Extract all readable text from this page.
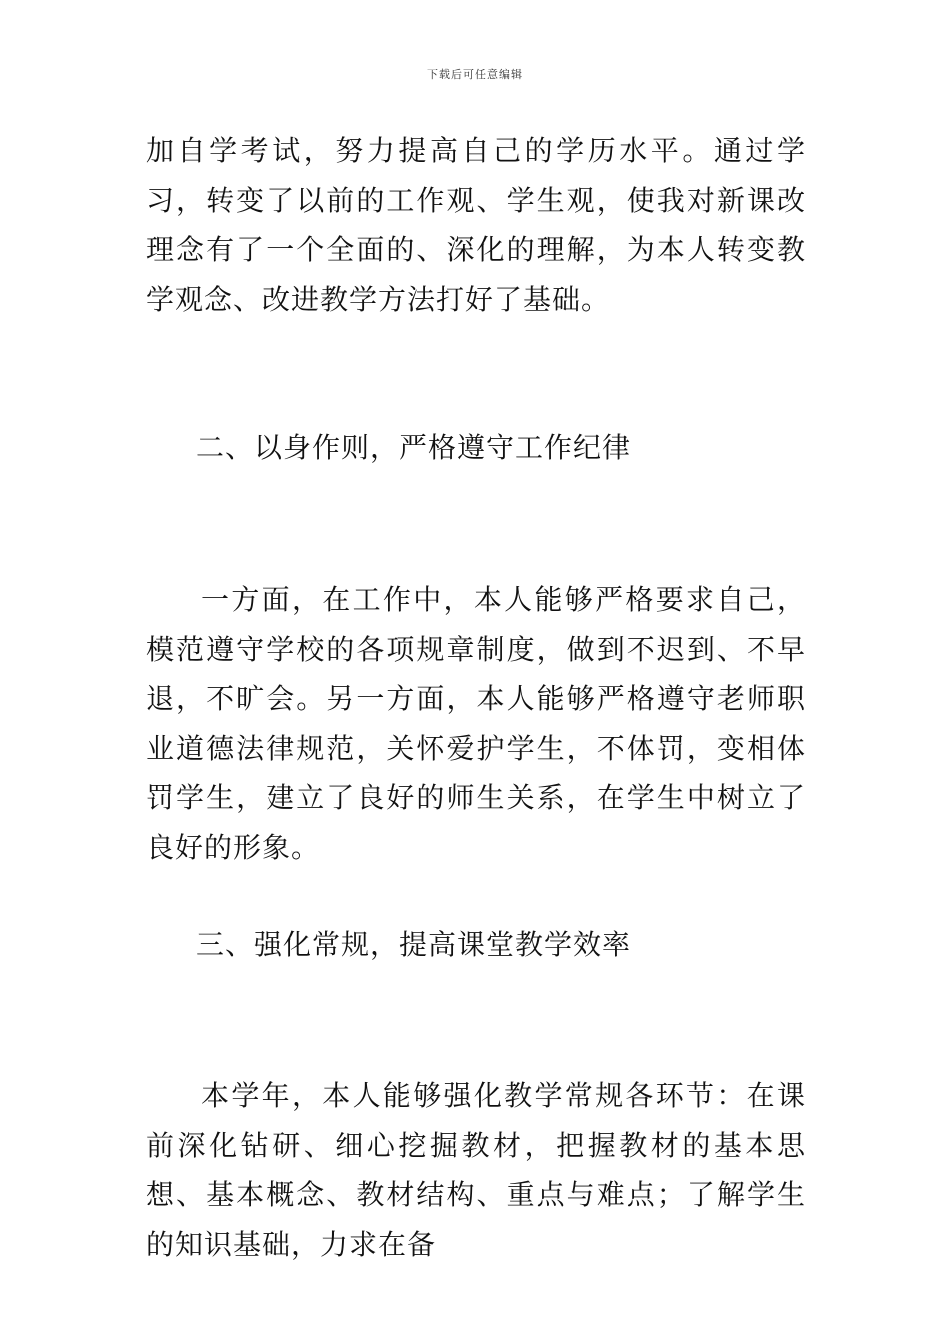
下载后可任意编辑

加自学考试，努力提高自己的学历水平。通过学习，转变了以前的工作观、学生观，使我对新课改理念有了一个全面的、深化的理解，为本人转变教学观念、改进教学方法打好了基础。

二、以身作则，严格遵守工作纪律

一方面，在工作中，本人能够严格要求自己，模范遵守学校的各项规章制度，做到不迟到、不早退，不旷会。另一方面，本人能够严格遵守老师职业道德法律规范，关怀爱护学生，不体罚，变相体罚学生，建立了良好的师生关系，在学生中树立了良好的形象。

三、强化常规，提高课堂教学效率

本学年，本人能够强化教学常规各环节：在课前深化钻研、细心挖掘教材，把握教材的基本思想、基本概念、教材结构、重点与难点；了解学生的知识基础，力求在备
